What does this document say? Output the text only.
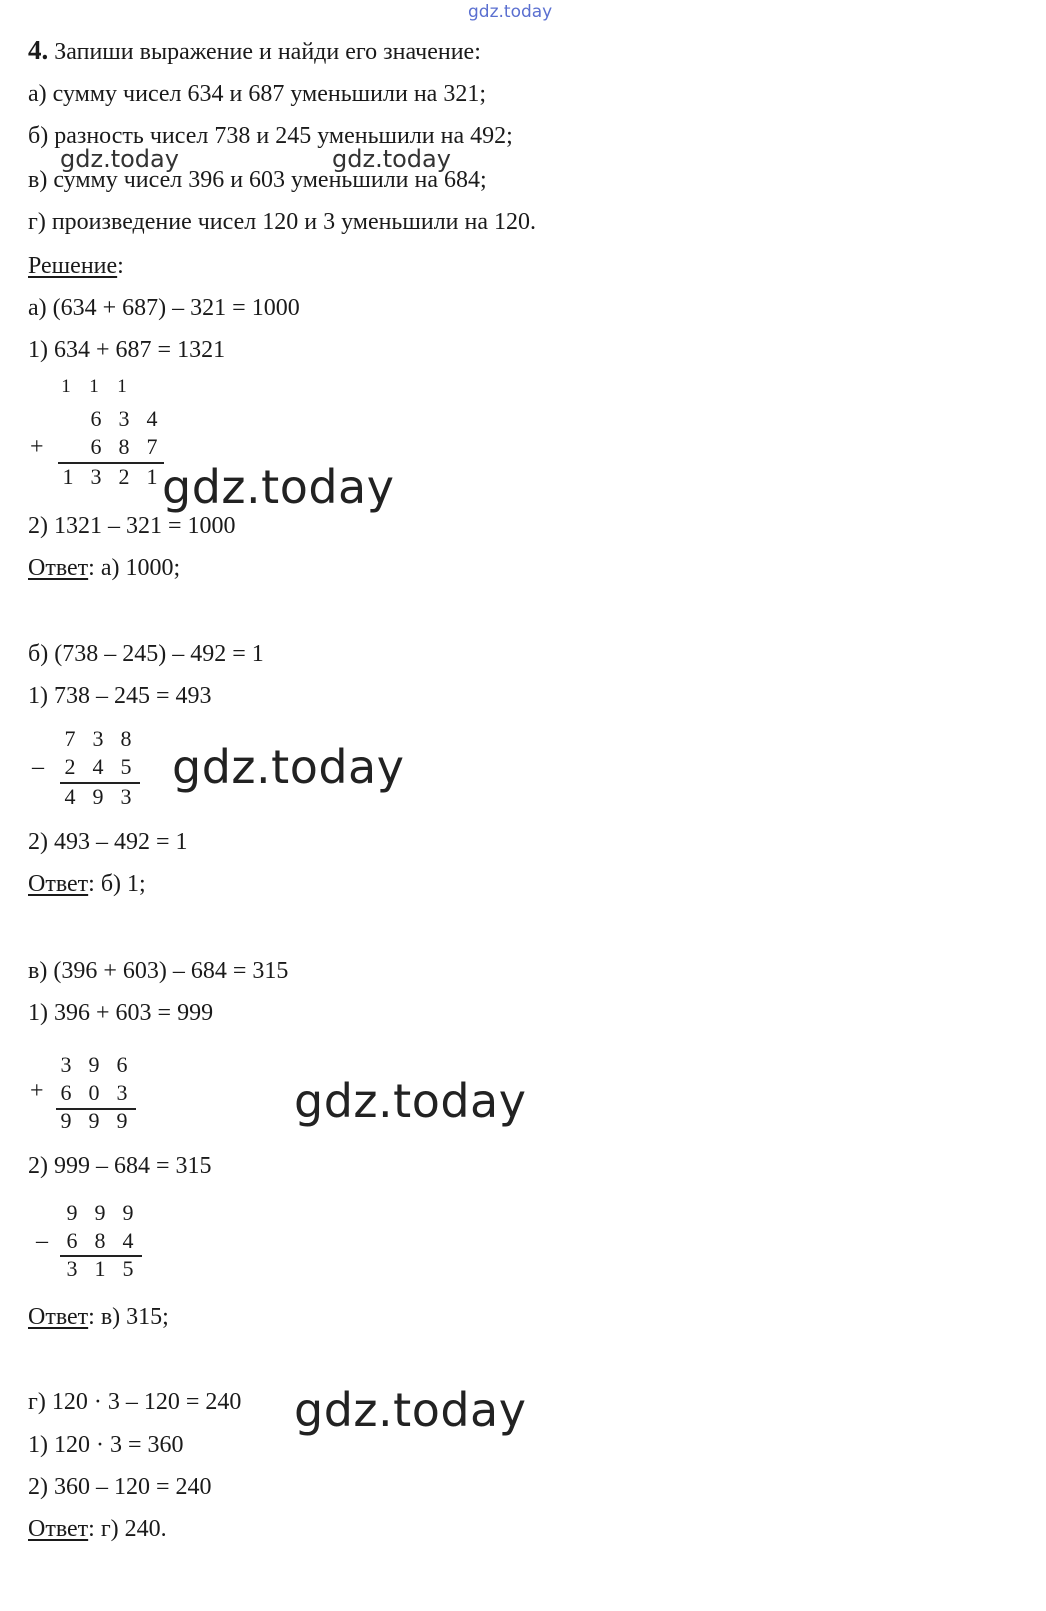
gdz.today
4. Запиши выражение и найди его значение:
а) сумму чисел 634 и 687 уменьшили на 321;
б) разность чисел 738 и 245 уменьшили на 492;
gdz.today	gdz.today
в) сумму чисел 396 и 603 уменьшили на 684;
г) произведение чисел 120 и 3 уменьшили на 120.
Решение:
а) (634 + 687) – 321 = 1000
1) 634 + 687 = 1321
1 1 1
6 3 4
+ 6 8 7
1 3 2 1 gdz.today
2) 1321 – 321 = 1000
Ответ: а) 1000;
б) (738 – 245) – 492 = 1
1) 738 – 245 = 493
7 3 8
– 2 4 5
4 9 3
gdz.today
2) 493 – 492 = 1
Ответ: б) 1;
в) (396 + 603) – 684 = 315
1) 396 + 603 = 999
3 9 6
+ 6 0 3
9 9 9	gdz.today
2) 999 – 684 = 315
9 9 9
– 6 8 4
3 1 5
Ответ: в) 315;
г) 120 · 3 – 120 = 240 gdz.today
1) 120 · 3 = 360
2) 360 – 120 = 240
Ответ: г) 240.
